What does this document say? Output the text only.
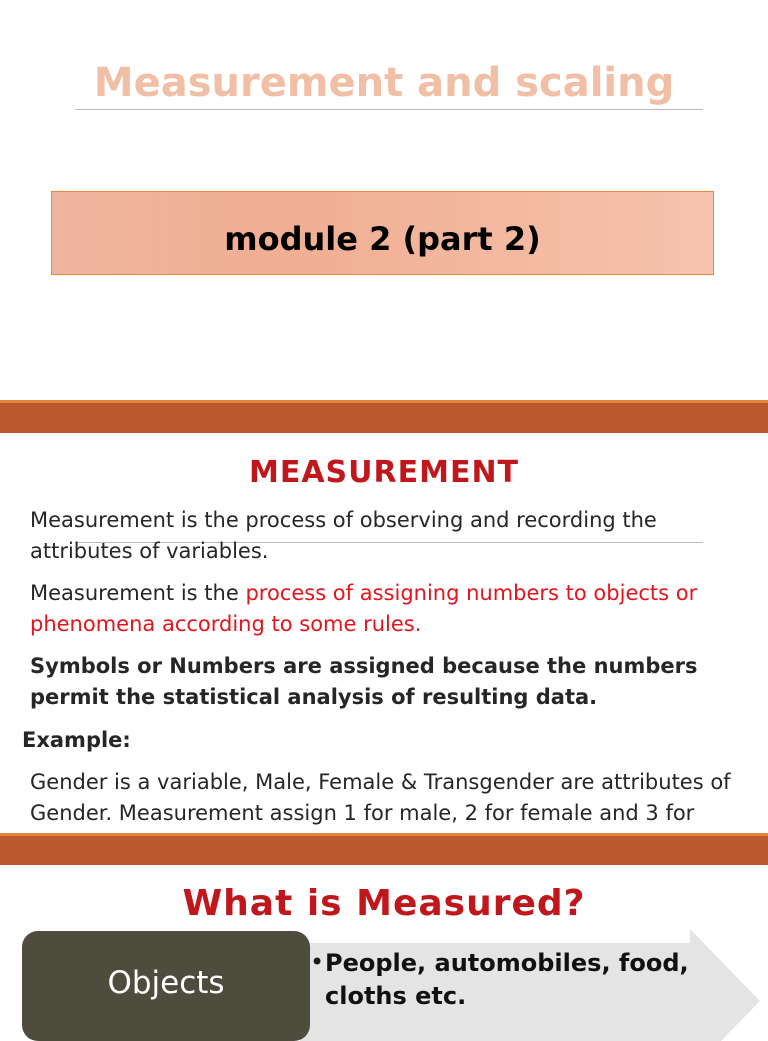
Measurement and scaling
module 2 (part 2)
MEASUREMENT
Measurement is the process of observing and recording the attributes of variables.
Measurement is the process of assigning numbers to objects or phenomena according to some rules.
Symbols or Numbers are assigned because the numbers permit the statistical analysis of resulting data.
Example:
Gender is a variable, Male, Female & Transgender are attributes of Gender. Measurement assign 1 for male, 2 for female and 3 for
What is Measured?
Objects
• People, automobiles, food, cloths etc.
